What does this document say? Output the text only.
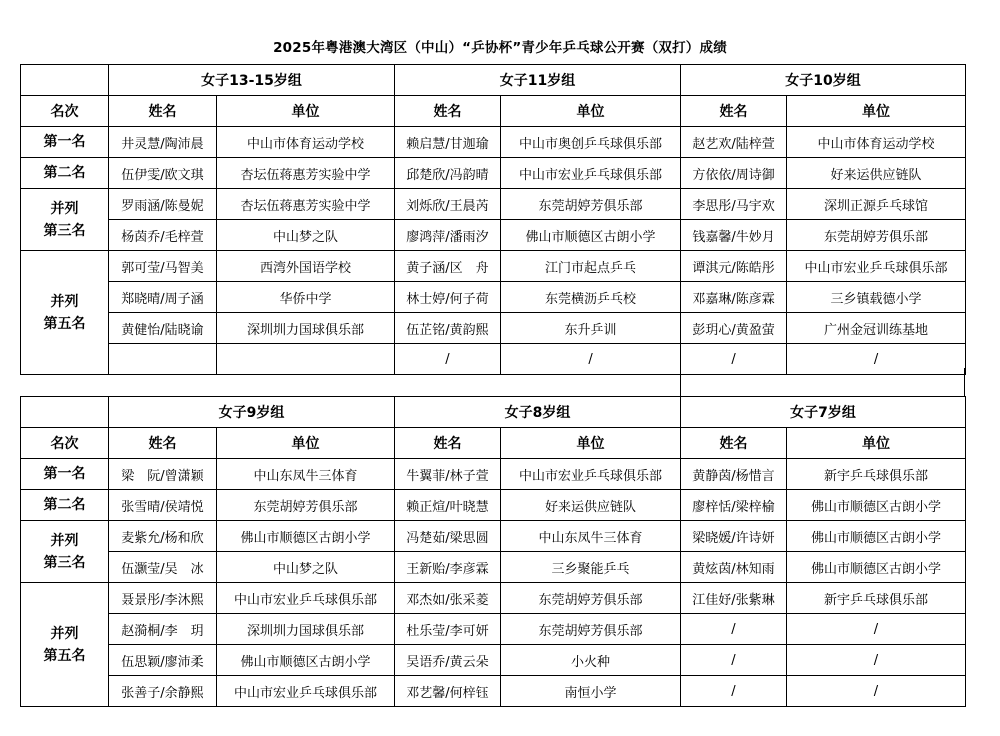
2025年粤港澳大湾区（中山）“乒协杯”青少年乒乓球公开赛（双打）成绩
	女子13-15岁组		女子11岁组		女子10岁组	
名次	姓名	单位	姓名	单位	姓名	单位
第一名	井灵慧/陶沛晨	中山市体育运动学校	赖启慧/甘迦瑜	中山市奥创乒乓球俱乐部	赵艺欢/陆梓萱	中山市体育运动学校
第二名	伍伊雯/欧文琪	杏坛伍蒋惠芳实验中学	邱楚欣/冯韵晴	中山市宏业乒乓球俱乐部	方依依/周诗御	好来运供应链队
并列
第三名	罗雨涵/陈曼妮	杏坛伍蒋惠芳实验中学	刘烁欣/王晨芮	东莞胡婷芳俱乐部	李思彤/马宇欢	深圳正源乒乓球馆
	杨茵乔/毛梓萱	中山梦之队	廖鸿萍/潘雨汐	佛山市顺德区古朗小学	钱嘉馨/牛妙月	东莞胡婷芳俱乐部
并列
第五名	郭可莹/马智美	西湾外国语学校	黄子涵/区　舟	江门市起点乒乓	谭淇元/陈皓彤	中山市宏业乒乓球俱乐部
	郑晓晴/周子涵	华侨中学	林士婷/何子荷	东莞横沥乒乓校	邓嘉琳/陈彦霖	三乡镇载德小学
	黄健怡/陆晓谕	深圳圳力国球俱乐部	伍芷铭/黄韵熙	东升乒训	彭玥心/黄盈萤	广州金冠训练基地
			/	/	/	/
	女子9岁组		女子8岁组		女子7岁组	
名次	姓名	单位	姓名	单位	姓名	单位
第一名	梁　阮/曾潇颖	中山东凤牛三体育	牛翼菲/林子萱	中山市宏业乒乓球俱乐部	黄静茵/杨惜言	新宇乒乓球俱乐部
第二名	张雪晴/侯靖悦	东莞胡婷芳俱乐部	赖正煊/叶晓慧	好来运供应链队	廖梓恬/梁梓榆	佛山市顺德区古朗小学
并列
第三名	麦紫允/杨和欣	佛山市顺德区古朗小学	冯楚茹/梁思圆	中山东凤牛三体育	梁晓媛/许诗妍	佛山市顺德区古朗小学
	伍灏莹/吴　冰	中山梦之队	王新贻/李彦霖	三乡聚能乒乓	黄炫茵/林知雨	佛山市顺德区古朗小学
并列
第五名	聂景彤/李沐熙	中山市宏业乒乓球俱乐部	邓杰如/张采菱	东莞胡婷芳俱乐部	江佳妤/张紫琳	新宇乒乓球俱乐部
	赵漪桐/李　玥	深圳圳力国球俱乐部	杜乐莹/李可妍	东莞胡婷芳俱乐部	/	/
	伍思颖/廖沛柔	佛山市顺德区古朗小学	吴语乔/黄云朵	小火种	/	/
	张善子/余静熙	中山市宏业乒乓球俱乐部	邓艺馨/何梓钰	南恒小学	/	/
